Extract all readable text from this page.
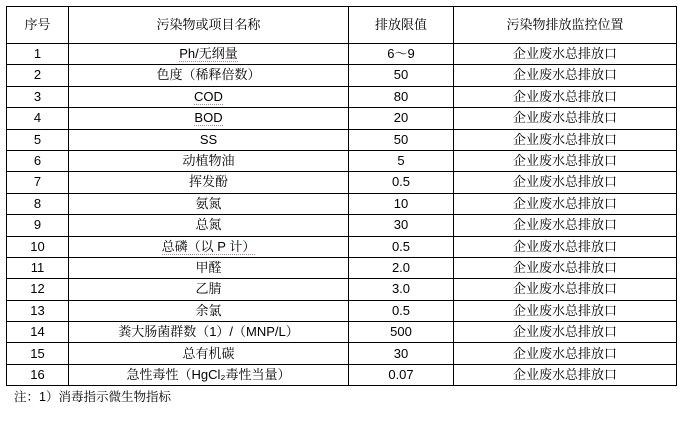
序号	污染物或项目名称	排放限值	污染物排放监控位置
1	Ph/无纲量	6～9	企业废水总排放口
2	色度（稀释倍数）	50	企业废水总排放口
3	COD	80	企业废水总排放口
4	BOD	20	企业废水总排放口
5	SS	50	企业废水总排放口
6	动植物油	5	企业废水总排放口
7	挥发酚	0.5	企业废水总排放口
8	氨氮	10	企业废水总排放口
9	总氮	30	企业废水总排放口
10	总磷（以 P 计）	0.5	企业废水总排放口
11	甲醛	2.0	企业废水总排放口
12	乙腈	3.0	企业废水总排放口
13	余氯	0.5	企业废水总排放口
14	粪大肠菌群数（1）/（MNP/L）	500	企业废水总排放口
15	总有机碳	30	企业废水总排放口
16	急性毒性（HgCl₂毒性当量）	0.07	企业废水总排放口
注：1）消毒指示微生物指标
